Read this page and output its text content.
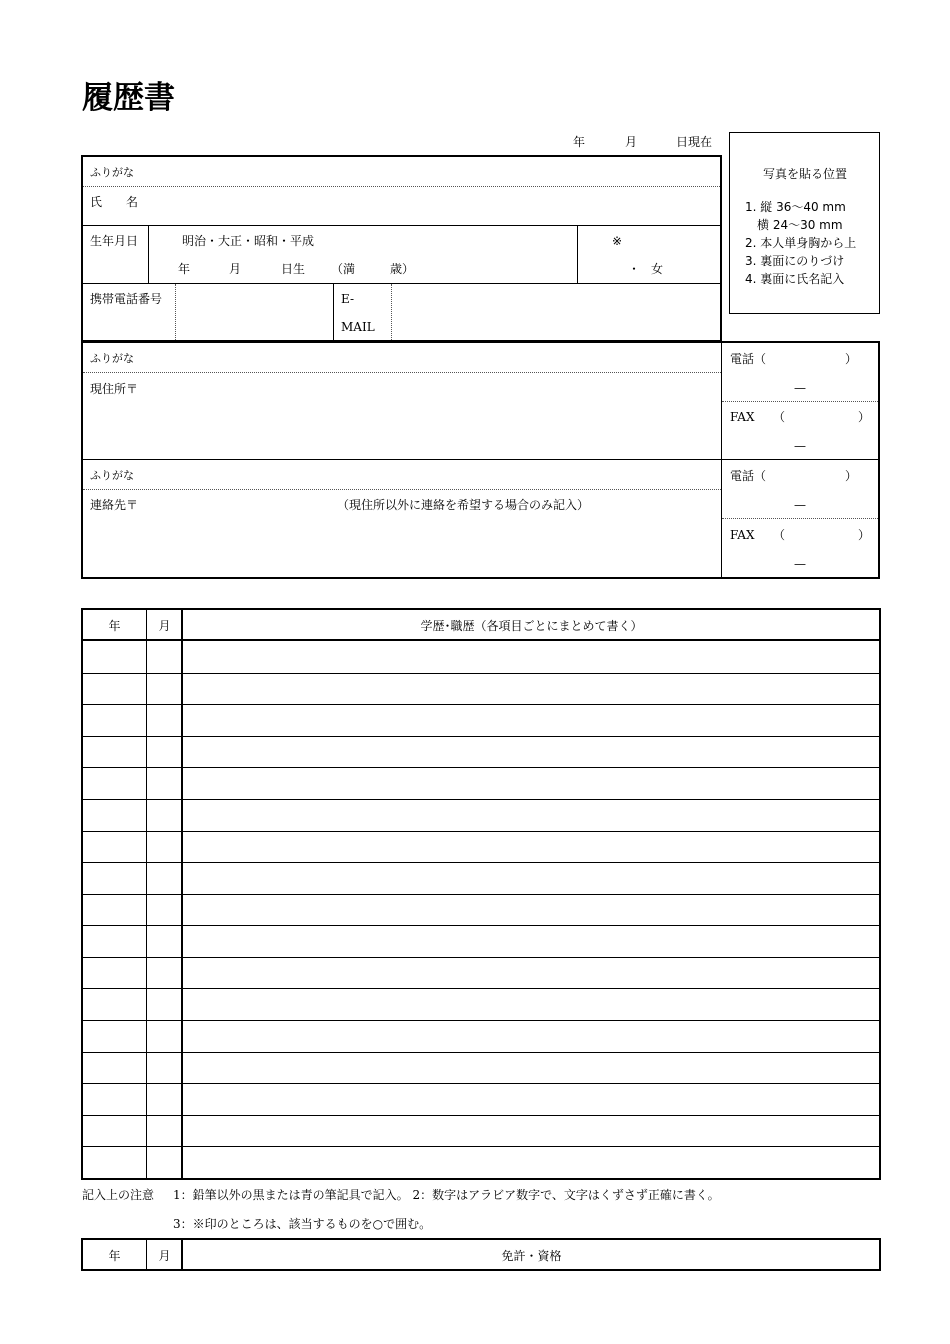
履歴書
年	月	日現在
写真を貼る位置
1. 縦 36～40 mm
横 24～30 mm
2. 本人単身胸から上
3. 裏面にのりづけ
4. 裏面に氏名記入
ふりがな
氏　　名
生年月日	明治・大正・昭和・平成
年	月	日生 （満	歳）
※
・ 女
携帯電話番号	E-
MAIL
ふりがな
現住所〒
電話（	）
—
FAX （	）
—
ふりがな
連絡先〒	（現住所以外に連絡を希望する場合のみ記入）
電話（	）
—
FAX （	）
—
年	月	学歴･職歴（各項目ごとにまとめて書く）
記入上の注意 1：鉛筆以外の黒または青の筆記具で記入。 2：数字はアラビア数字で、文字はくずさず正確に書く。
3：※印のところは、該当するものを○で囲む。
年	月	免許・資格
